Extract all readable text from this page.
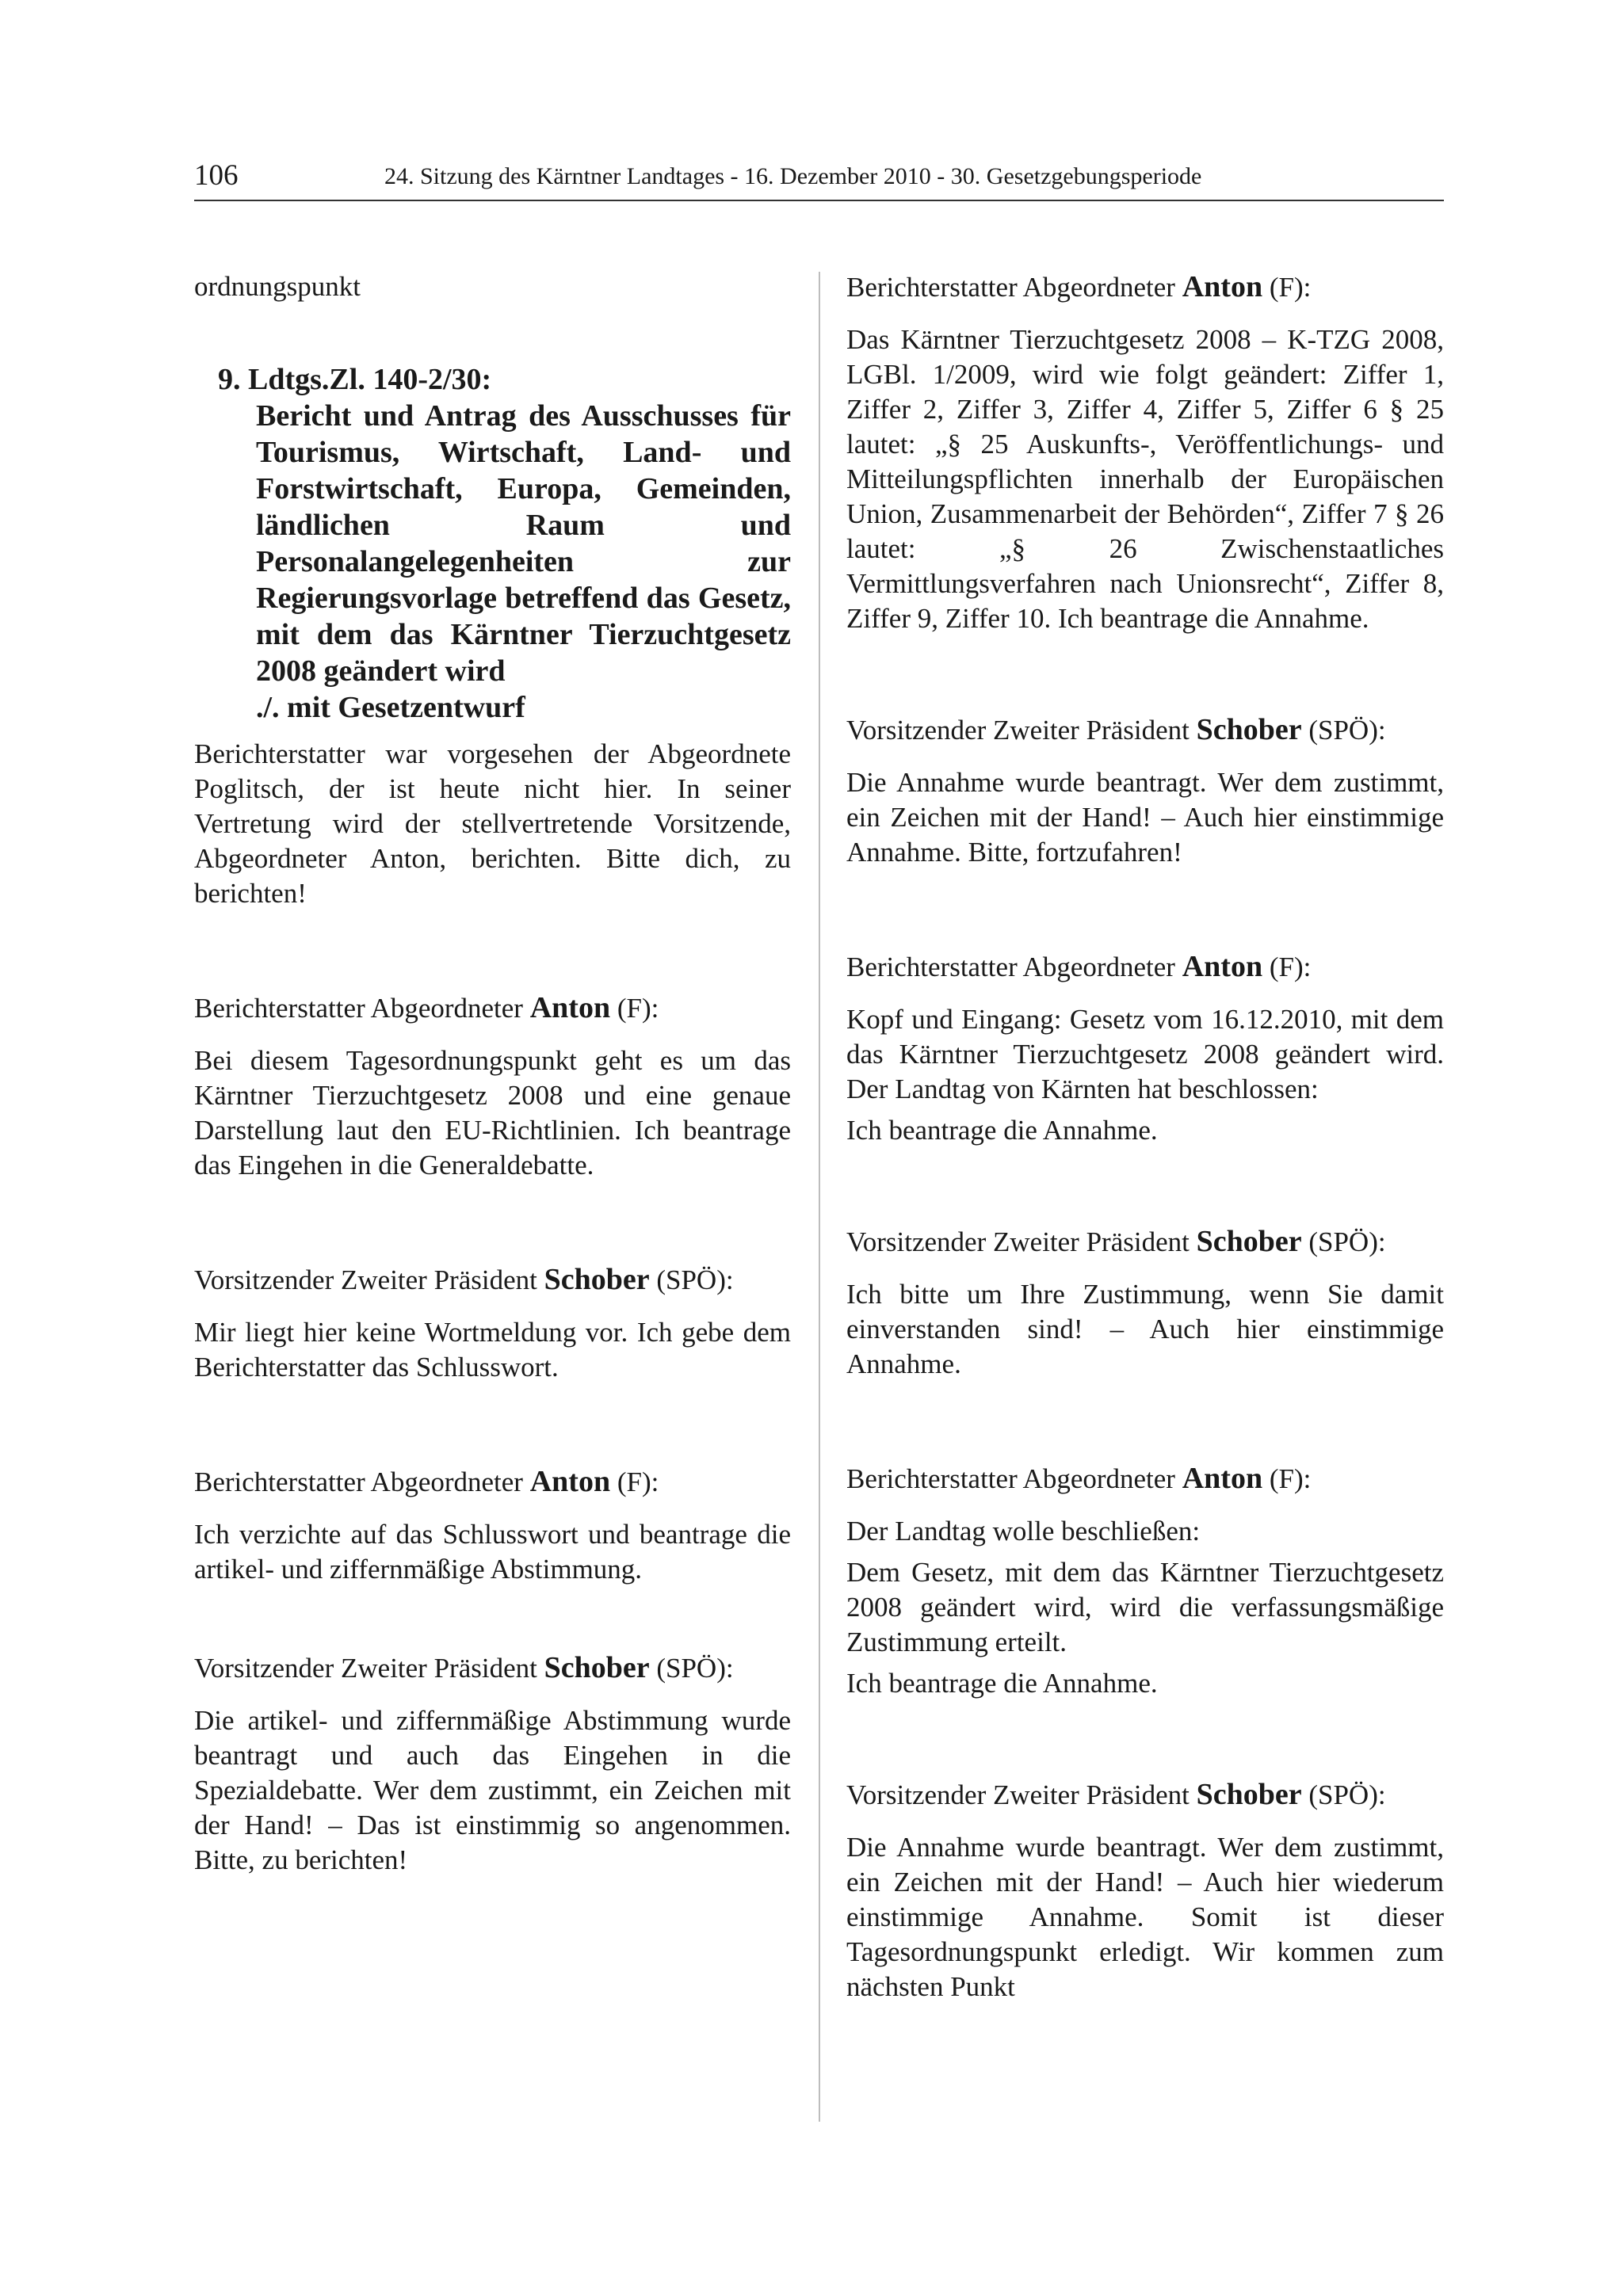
106	24. Sitzung des Kärntner Landtages - 16. Dezember 2010 - 30. Gesetzgebungsperiode

ordnungspunkt

9. Ldtgs.Zl. 140-2/30:
Bericht und Antrag des Ausschusses für Tourismus, Wirtschaft, Land- und Forstwirtschaft, Europa, Gemeinden, ländlichen Raum und Personalangelegenheiten zur Regierungsvorlage betreffend das Gesetz, mit dem das Kärntner Tierzuchtgesetz 2008 geändert wird
./. mit Gesetzentwurf

Berichterstatter war vorgesehen der Abgeordnete Poglitsch, der ist heute nicht hier. In seiner Vertretung wird der stellvertretende Vorsitzende, Abgeordneter Anton, berichten. Bitte dich, zu berichten!

Berichterstatter Abgeordneter Anton (F):

Bei diesem Tagesordnungspunkt geht es um das Kärntner Tierzuchtgesetz 2008 und eine genaue Darstellung laut den EU-Richtlinien. Ich beantrage das Eingehen in die Generaldebatte.

Vorsitzender Zweiter Präsident Schober (SPÖ):

Mir liegt hier keine Wortmeldung vor. Ich gebe dem Berichterstatter das Schlusswort.

Berichterstatter Abgeordneter Anton (F):

Ich verzichte auf das Schlusswort und beantrage die artikel- und ziffernmäßige Abstimmung.

Vorsitzender Zweiter Präsident Schober (SPÖ):

Die artikel- und ziffernmäßige Abstimmung wurde beantragt und auch das Eingehen in die Spezialdebatte. Wer dem zustimmt, ein Zeichen mit der Hand! – Das ist einstimmig so angenommen. Bitte, zu berichten!

Berichterstatter Abgeordneter Anton (F):

Das Kärntner Tierzuchtgesetz 2008 – K-TZG 2008, LGBl. 1/2009, wird wie folgt geändert: Ziffer 1, Ziffer 2, Ziffer 3, Ziffer 4, Ziffer 5, Ziffer 6 § 25 lautet: „§ 25 Auskunfts-, Veröffentlichungs- und Mitteilungspflichten innerhalb der Europäischen Union, Zusammenarbeit der Behörden“, Ziffer 7 § 26 lautet: „§ 26 Zwischenstaatliches Vermittlungsverfahren nach Unionsrecht“, Ziffer 8, Ziffer 9, Ziffer 10. Ich beantrage die Annahme.

Vorsitzender Zweiter Präsident Schober (SPÖ):

Die Annahme wurde beantragt. Wer dem zustimmt, ein Zeichen mit der Hand! – Auch hier einstimmige Annahme. Bitte, fortzufahren!

Berichterstatter Abgeordneter Anton (F):

Kopf und Eingang: Gesetz vom 16.12.2010, mit dem das Kärntner Tierzuchtgesetz 2008 geändert wird. Der Landtag von Kärnten hat beschlossen:

Ich beantrage die Annahme.

Vorsitzender Zweiter Präsident Schober (SPÖ):

Ich bitte um Ihre Zustimmung, wenn Sie damit einverstanden sind! – Auch hier einstimmige Annahme.

Berichterstatter Abgeordneter Anton (F):

Der Landtag wolle beschließen:

Dem Gesetz, mit dem das Kärntner Tierzuchtgesetz 2008 geändert wird, wird die verfassungsmäßige Zustimmung erteilt.

Ich beantrage die Annahme.

Vorsitzender Zweiter Präsident Schober (SPÖ):

Die Annahme wurde beantragt. Wer dem zustimmt, ein Zeichen mit der Hand! – Auch hier wiederum einstimmige Annahme. Somit ist dieser Tagesordnungspunkt erledigt. Wir kommen zum nächsten Punkt
